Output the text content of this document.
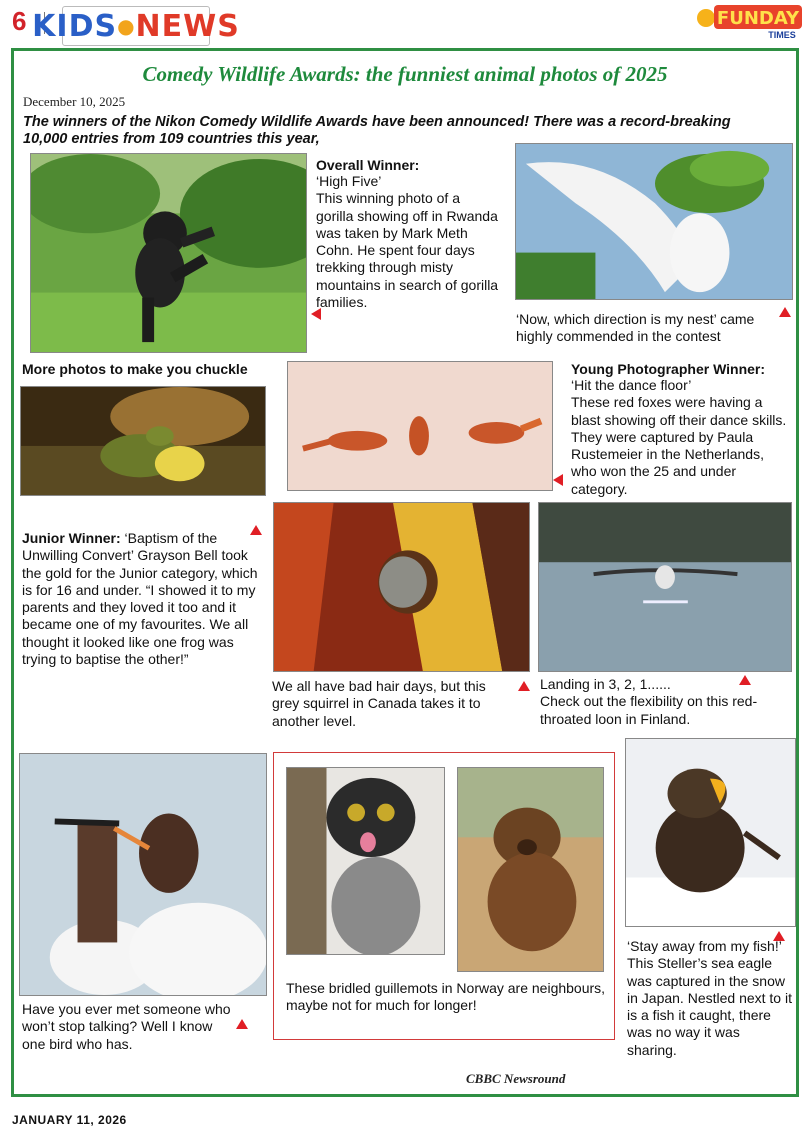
6 KIDS ● NEWS	FUNDAY
TIMES
Comedy Wildlife Awards: the funniest animal photos of 2025
December 10, 2025
The winners of the Nikon Comedy Wildlife Awards have been announced! There was a record-breaking 10,000 entries from 109 countries this year,
Overall Winner:
‘High Five’
This winning photo of a gorilla showing off in Rwanda was taken by Mark Meth Cohn. He spent four days trekking through misty mountains in search of gorilla families.
‘Now, which direction is my nest’ came highly commended in the contest
More photos to make you chuckle	Young Photographer Winner:
‘Hit the dance floor’
These red foxes were having a blast showing off their dance skills. They were captured by Paula Rustemeier in the Netherlands, who won the 25 and under category.
Junior Winner: ‘Baptism of the Unwilling Convert’ Grayson Bell took the gold for the Junior category, which is for 16 and under. “I showed it to my parents and they loved it too and it became one of my favourites. We all thought it looked like one frog was trying to baptise the other!”
We all have bad hair days, but this grey squirrel in Canada takes it to another level.
Landing in 3, 2, 1......
Check out the flexibility on this red-throated loon in Finland.
Have you ever met someone who won’t stop talking? Well I know one bird who has.
These bridled guillemots in Norway are neighbours, maybe not for much for longer!
‘Stay away from my fish!’ This Steller’s sea eagle was captured in the snow in Japan. Nestled next to it is a fish it caught, there was no way it was sharing.
CBBC Newsround
JANUARY 11, 2026
